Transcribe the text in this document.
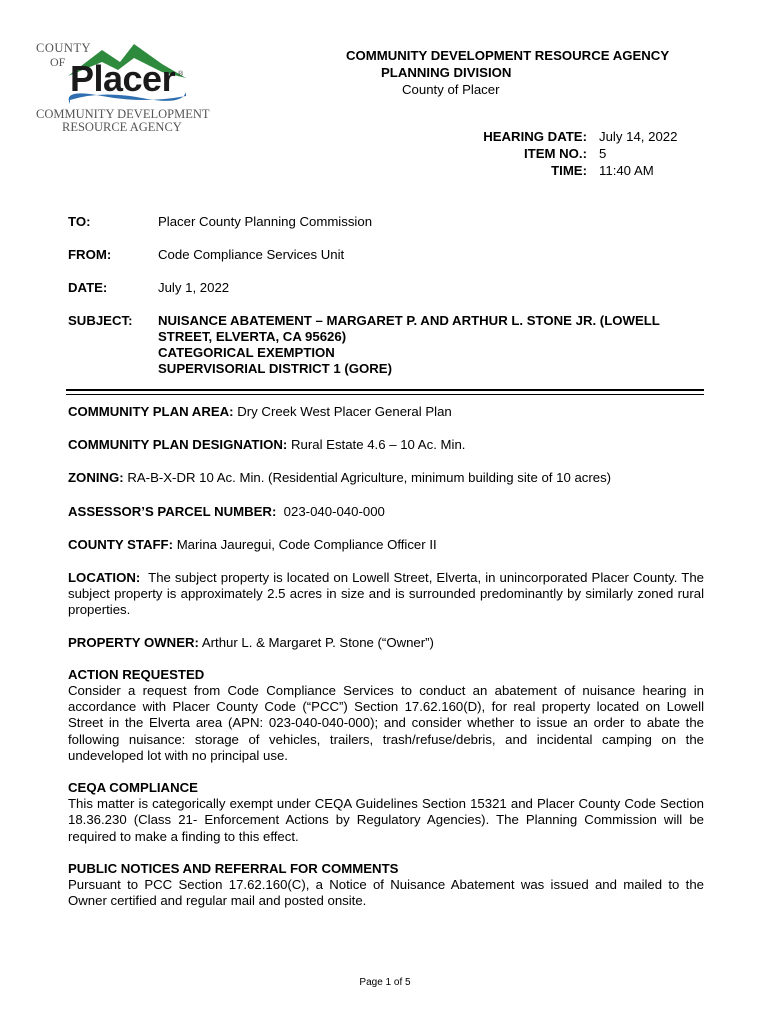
COUNTY
OF Placer ®
COMMUNITY DEVELOPMENT
RESOURCE AGENCY
COMMUNITY DEVELOPMENT RESOURCE AGENCY
PLANNING DIVISION
County of Placer
HEARING DATE: July 14, 2022
ITEM NO.: 5
TIME: 11:40 AM
TO:	Placer County Planning Commission
FROM:	Code Compliance Services Unit
DATE:	July 1, 2022
SUBJECT:	NUISANCE ABATEMENT – MARGARET P. AND ARTHUR L. STONE JR. (LOWELL
STREET, ELVERTA, CA 95626)
CATEGORICAL EXEMPTION
SUPERVISORIAL DISTRICT 1 (GORE)

COMMUNITY PLAN AREA: Dry Creek West Placer General Plan

COMMUNITY PLAN DESIGNATION: Rural Estate 4.6 – 10 Ac. Min.

ZONING: RA-B-X-DR 10 Ac. Min. (Residential Agriculture, minimum building site of 10 acres)

ASSESSOR’S PARCEL NUMBER: 023-040-040-000

COUNTY STAFF: Marina Jauregui, Code Compliance Officer II

LOCATION: The subject property is located on Lowell Street, Elverta, in unincorporated Placer County. The subject property is approximately 2.5 acres in size and is surrounded predominantly by similarly zoned rural properties.

PROPERTY OWNER: Arthur L. & Margaret P. Stone (“Owner”)

ACTION REQUESTED

Consider a request from Code Compliance Services to conduct an abatement of nuisance hearing in accordance with Placer County Code (“PCC”) Section 17.62.160(D), for real property located on Lowell Street in the Elverta area (APN: 023-040-040-000); and consider whether to issue an order to abate the following nuisance: storage of vehicles, trailers, trash/refuse/debris, and incidental camping on the undeveloped lot with no principal use.

CEQA COMPLIANCE

This matter is categorically exempt under CEQA Guidelines Section 15321 and Placer County Code Section 18.36.230 (Class 21- Enforcement Actions by Regulatory Agencies). The Planning Commission will be required to make a finding to this effect.

PUBLIC NOTICES AND REFERRAL FOR COMMENTS

Pursuant to PCC Section 17.62.160(C), a Notice of Nuisance Abatement was issued and mailed to the Owner certified and regular mail and posted onsite.

Page 1 of 5
